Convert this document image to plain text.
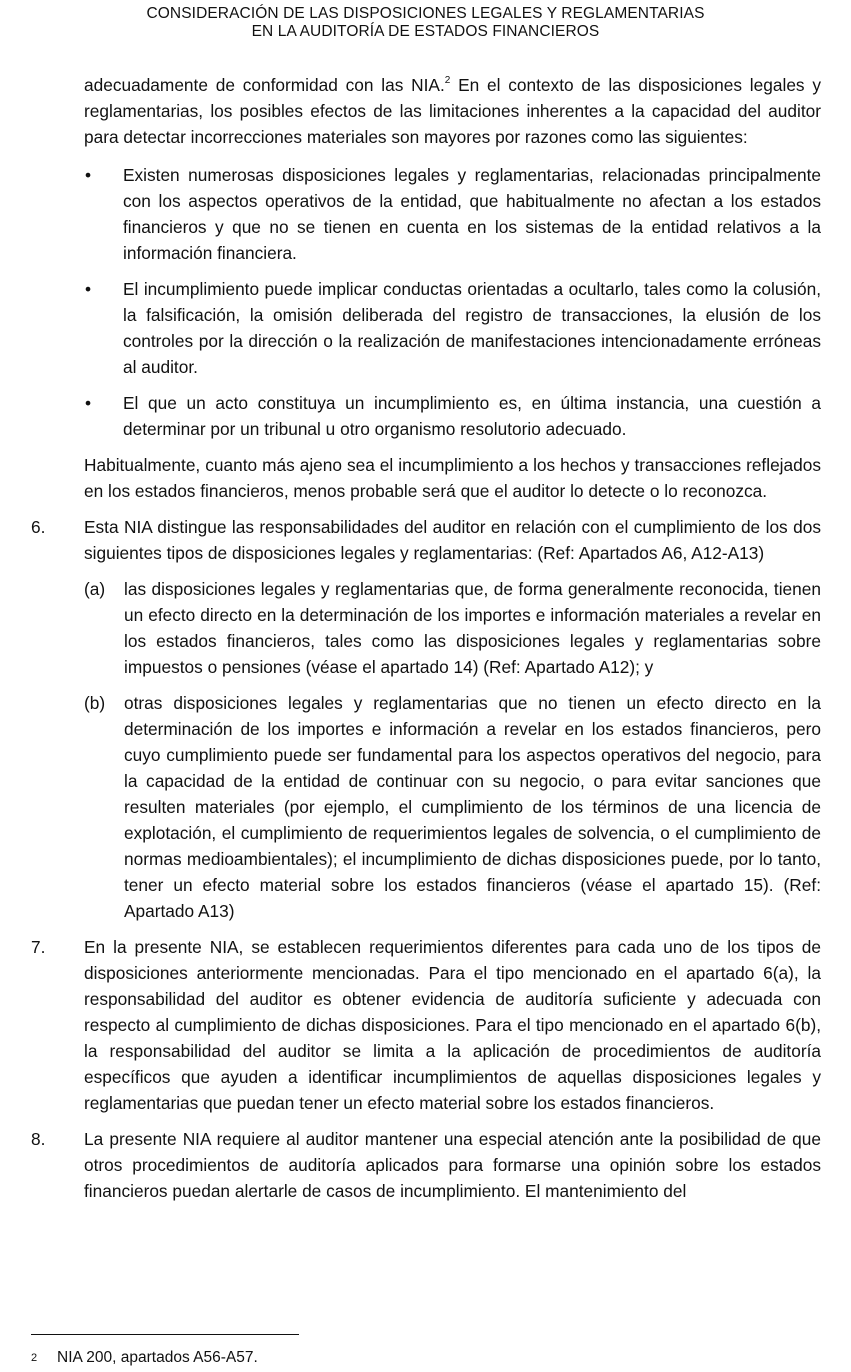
CONSIDERACIÓN DE LAS DISPOSICIONES LEGALES Y REGLAMENTARIAS
EN LA AUDITORÍA DE ESTADOS FINANCIEROS

adecuadamente de conformidad con las NIA.$^2$ En el contexto de las disposiciones legales y reglamentarias, los posibles efectos de las limitaciones inherentes a la capacidad del auditor para detectar incorrecciones materiales son mayores por razones como las siguientes:

•	Existen numerosas disposiciones legales y reglamentarias, relacionadas principalmente con los aspectos operativos de la entidad, que habitualmente no afectan a los estados financieros y que no se tienen en cuenta en los sistemas de la entidad relativos a la información financiera.
•	El incumplimiento puede implicar conductas orientadas a ocultarlo, tales como la colusión, la falsificación, la omisión deliberada del registro de transacciones, la elusión de los controles por la dirección o la realización de manifestaciones intencionadamente erróneas al auditor.
•	El que un acto constituya un incumplimiento es, en última instancia, una cuestión a determinar por un tribunal u otro organismo resolutorio adecuado.

Habitualmente, cuanto más ajeno sea el incumplimiento a los hechos y transacciones reflejados en los estados financieros, menos probable será que el auditor lo detecte o lo reconozca.

6.	Esta NIA distingue las responsabilidades del auditor en relación con el cumplimiento de los dos siguientes tipos de disposiciones legales y reglamentarias: (Ref: Apartados A6, A12-A13)
(a)	las disposiciones legales y reglamentarias que, de forma generalmente reconocida, tienen un efecto directo en la determinación de los importes e información materiales a revelar en los estados financieros, tales como las disposiciones legales y reglamentarias sobre impuestos o pensiones (véase el apartado 14) (Ref: Apartado A12); y
(b)	otras disposiciones legales y reglamentarias que no tienen un efecto directo en la determinación de los importes e información a revelar en los estados financieros, pero cuyo cumplimiento puede ser fundamental para los aspectos operativos del negocio, para la capacidad de la entidad de continuar con su negocio, o para evitar sanciones que resulten materiales (por ejemplo, el cumplimiento de los términos de una licencia de explotación, el cumplimiento de requerimientos legales de solvencia, o el cumplimiento de normas medioambientales); el incumplimiento de dichas disposiciones puede, por lo tanto, tener un efecto material sobre los estados financieros (véase el apartado 15). (Ref: Apartado A13)
7.	En la presente NIA, se establecen requerimientos diferentes para cada uno de los tipos de disposiciones anteriormente mencionadas. Para el tipo mencionado en el apartado 6(a), la responsabilidad del auditor es obtener evidencia de auditoría suficiente y adecuada con respecto al cumplimiento de dichas disposiciones. Para el tipo mencionado en el apartado 6(b), la responsabilidad del auditor se limita a la aplicación de procedimientos de auditoría específicos que ayuden a identificar incumplimientos de aquellas disposiciones legales y reglamentarias que puedan tener un efecto material sobre los estados financieros.
8.	La presente NIA requiere al auditor mantener una especial atención ante la posibilidad de que otros procedimientos de auditoría aplicados para formarse una opinión sobre los estados financieros puedan alertarle de casos de incumplimiento. El mantenimiento del
2 NIA 200, apartados A56-A57.
